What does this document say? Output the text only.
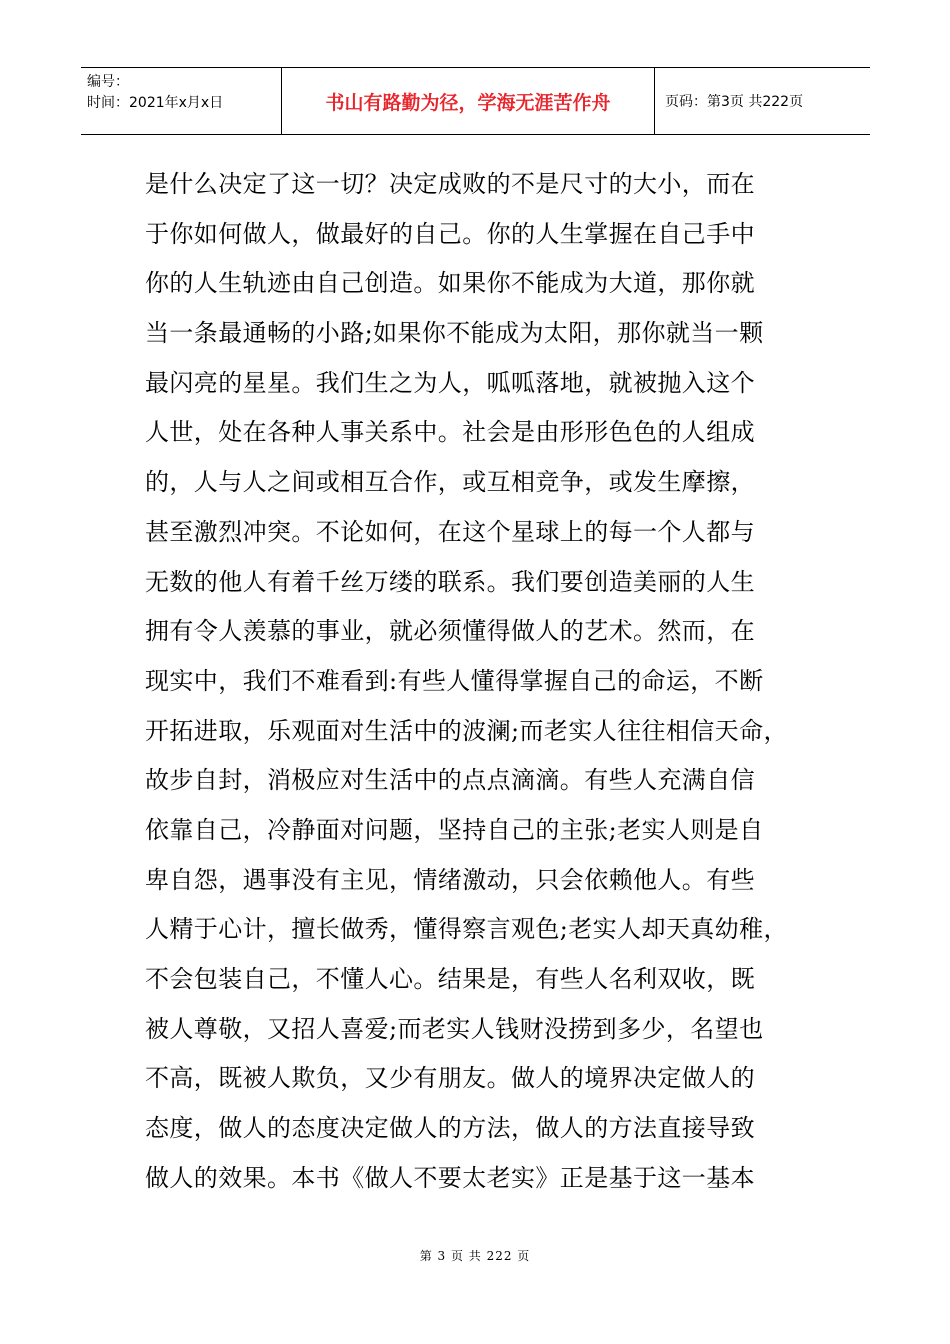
编号：
时间：2021年x月x日	书山有路勤为径，学海无涯苦作舟	页码：第3页 共222页
是什么决定了这一切？决定成败的不是尺寸的大小，而在
于你如何做人，做最好的自己。你的人生掌握在自己手中
你的人生轨迹由自己创造。如果你不能成为大道，那你就
当一条最通畅的小路;如果你不能成为太阳，那你就当一颗
最闪亮的星星。我们生之为人，呱呱落地，就被抛入这个
人世，处在各种人事关系中。社会是由形形色色的人组成
的，人与人之间或相互合作，或互相竞争，或发生摩擦，
甚至激烈冲突。不论如何，在这个星球上的每一个人都与
无数的他人有着千丝万缕的联系。我们要创造美丽的人生
拥有令人羡慕的事业，就必须懂得做人的艺术。然而，在
现实中，我们不难看到:有些人懂得掌握自己的命运，不断
开拓进取，乐观面对生活中的波澜;而老实人往往相信天命，
故步自封，消极应对生活中的点点滴滴。有些人充满自信
依靠自己，冷静面对问题，坚持自己的主张;老实人则是自
卑自怨，遇事没有主见，情绪激动，只会依赖他人。有些
人精于心计，擅长做秀，懂得察言观色;老实人却天真幼稚，
不会包装自己，不懂人心。结果是，有些人名利双收，既
被人尊敬，又招人喜爱;而老实人钱财没捞到多少，名望也
不高，既被人欺负，又少有朋友。做人的境界决定做人的
态度，做人的态度决定做人的方法，做人的方法直接导致
做人的效果。本书《做人不要太老实》正是基于这一基本
第 3 页 共 222 页
